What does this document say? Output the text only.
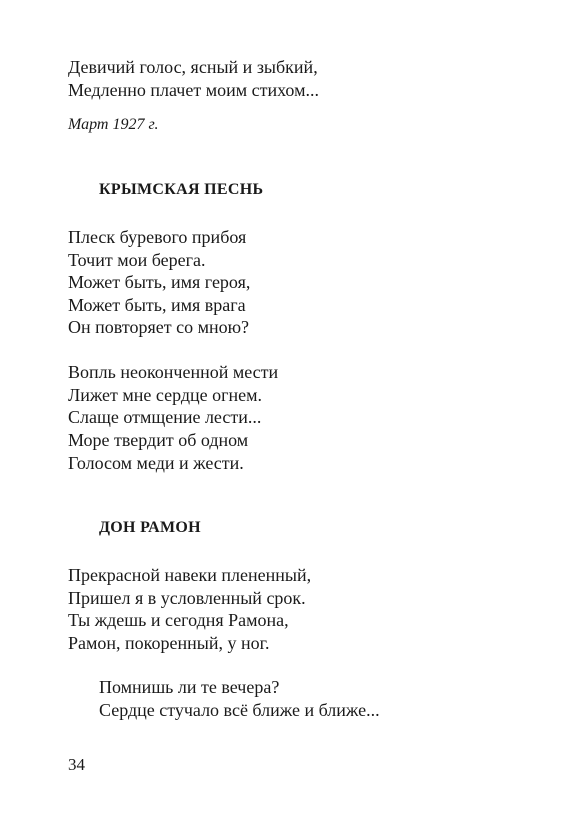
Девичий голос, ясный и зыбкий,
Медленно плачет моим стихом...
Март 1927 г.
КРЫМСКАЯ ПЕСНЬ
Плеск буревого прибоя
Точит мои берега.
Может быть, имя героя,
Может быть, имя врага
Он повторяет со мною?
Вопль неоконченной мести
Лижет мне сердце огнем.
Слаще отмщение лести...
Море твердит об одном
Голосом меди и жести.
ДОН РАМОН
Прекрасной навеки плененный,
Пришел я в условленный срок.
Ты ждешь и сегодня Рамона,
Рамон, покоренный, у ног.
Помнишь ли те вечера?
Сердце стучало всё ближе и ближе...
34
